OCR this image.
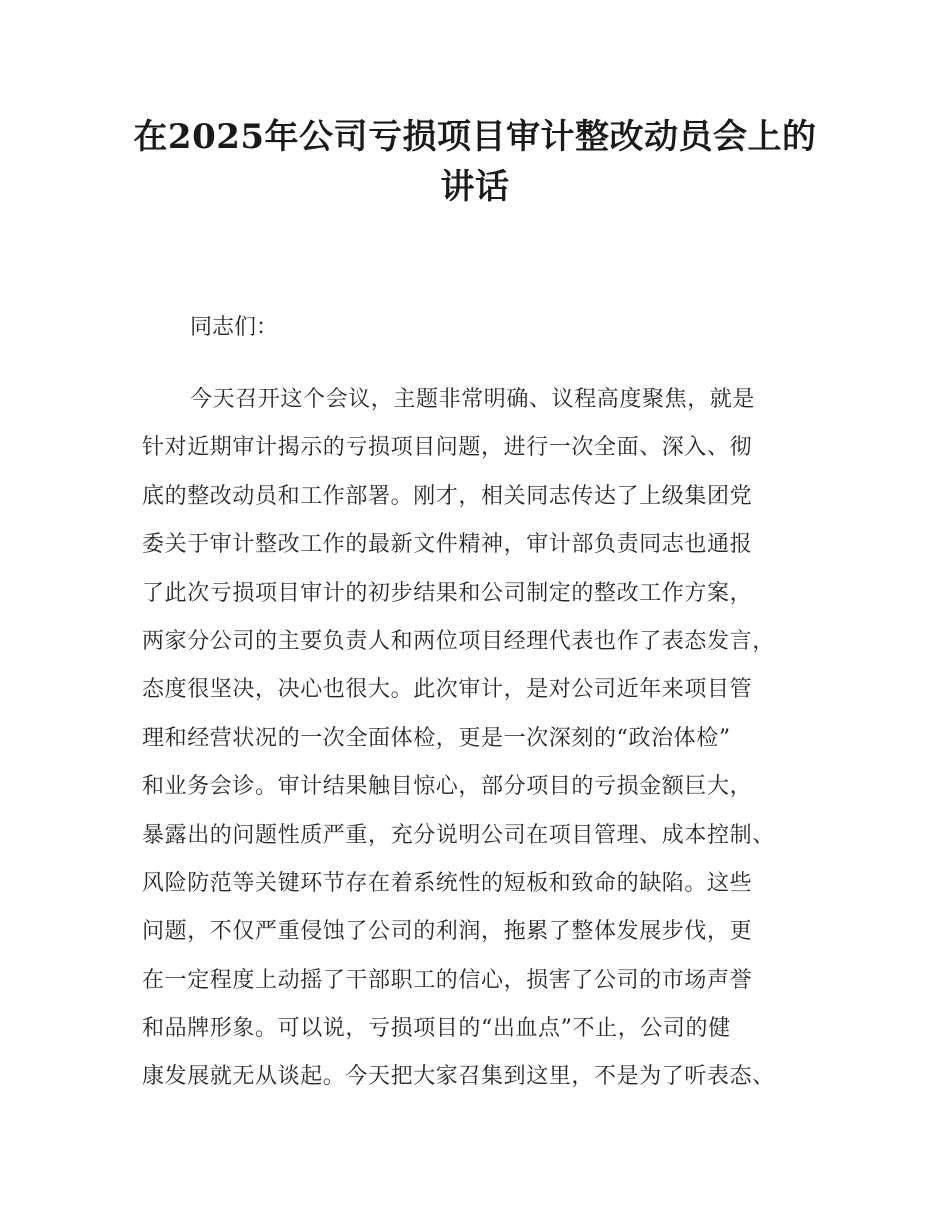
在2025年公司亏损项目审计整改动员会上的
讲话

同志们：

今天召开这个会议，主题非常明确、议程高度聚焦，就是
针对近期审计揭示的亏损项目问题，进行一次全面、深入、彻
底的整改动员和工作部署。刚才，相关同志传达了上级集团党
委关于审计整改工作的最新文件精神，审计部负责同志也通报
了此次亏损项目审计的初步结果和公司制定的整改工作方案，
两家分公司的主要负责人和两位项目经理代表也作了表态发言，
态度很坚决，决心也很大。此次审计，是对公司近年来项目管
理和经营状况的一次全面体检，更是一次深刻的“政治体检”
和业务会诊。审计结果触目惊心，部分项目的亏损金额巨大，
暴露出的问题性质严重，充分说明公司在项目管理、成本控制、
风险防范等关键环节存在着系统性的短板和致命的缺陷。这些
问题，不仅严重侵蚀了公司的利润，拖累了整体发展步伐，更
在一定程度上动摇了干部职工的信心，损害了公司的市场声誉
和品牌形象。可以说，亏损项目的“出血点”不止，公司的健
康发展就无从谈起。今天把大家召集到这里，不是为了听表态、
